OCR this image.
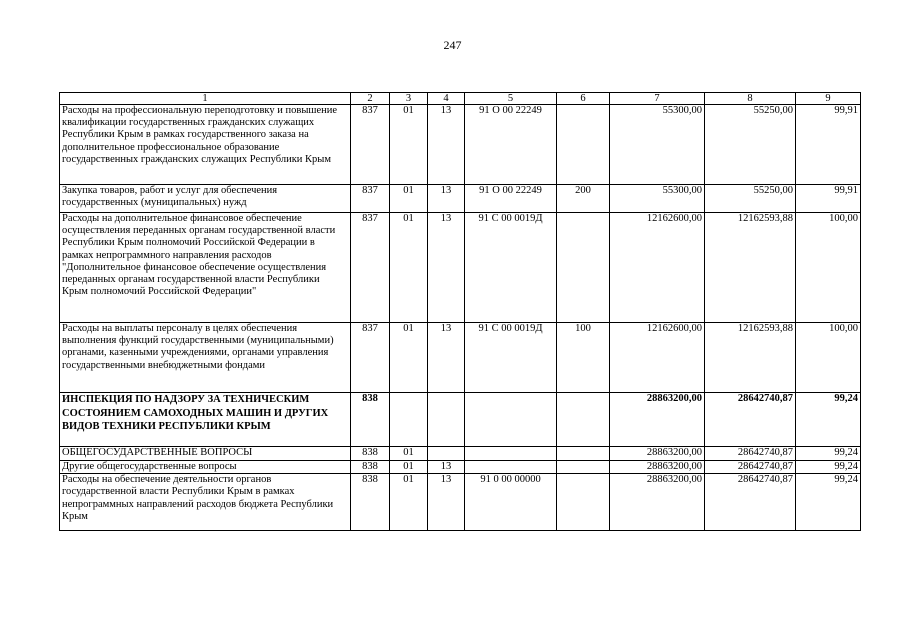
247
1	2	3	4	5	6	7	8	9
Расходы на профессиональную переподготовку и повышение квалификации государственных гражданских служащих Республики Крым в рамках государственного заказа на дополнительное профессиональное образование государственных гражданских служащих Республики Крым	837	01	13	91 О 00 22249		55300,00	55250,00	99,91
Закупка товаров, работ и услуг для обеспечения государственных (муниципальных) нужд	837	01	13	91 О 00 22249	200	55300,00	55250,00	99,91
Расходы на дополнительное финансовое обеспечение осуществления переданных органам государственной власти Республики Крым полномочий Российской Федерации в рамках непрограммного направления расходов "Дополнительное финансовое обеспечение осуществления переданных органам государственной власти Республики Крым полномочий Российской Федерации"	837	01	13	91 С 00 0019Д		12162600,00	12162593,88	100,00
Расходы на выплаты персоналу в целях обеспечения выполнения функций государственными (муниципальными) органами, казенными учреждениями, органами управления государственными внебюджетными фондами	837	01	13	91 С 00 0019Д	100	12162600,00	12162593,88	100,00
ИНСПЕКЦИЯ ПО НАДЗОРУ ЗА ТЕХНИЧЕСКИМ СОСТОЯНИЕМ САМОХОДНЫХ МАШИН И ДРУГИХ ВИДОВ ТЕХНИКИ РЕСПУБЛИКИ КРЫМ	838					28863200,00	28642740,87	99,24
ОБЩЕГОСУДАРСТВЕННЫЕ ВОПРОСЫ	838	01				28863200,00	28642740,87	99,24
Другие общегосударственные вопросы	838	01	13			28863200,00	28642740,87	99,24
Расходы на обеспечение деятельности органов государственной власти Республики Крым в рамках непрограммных направлений расходов бюджета Республики Крым	838	01	13	91 0 00 00000		28863200,00	28642740,87	99,24
